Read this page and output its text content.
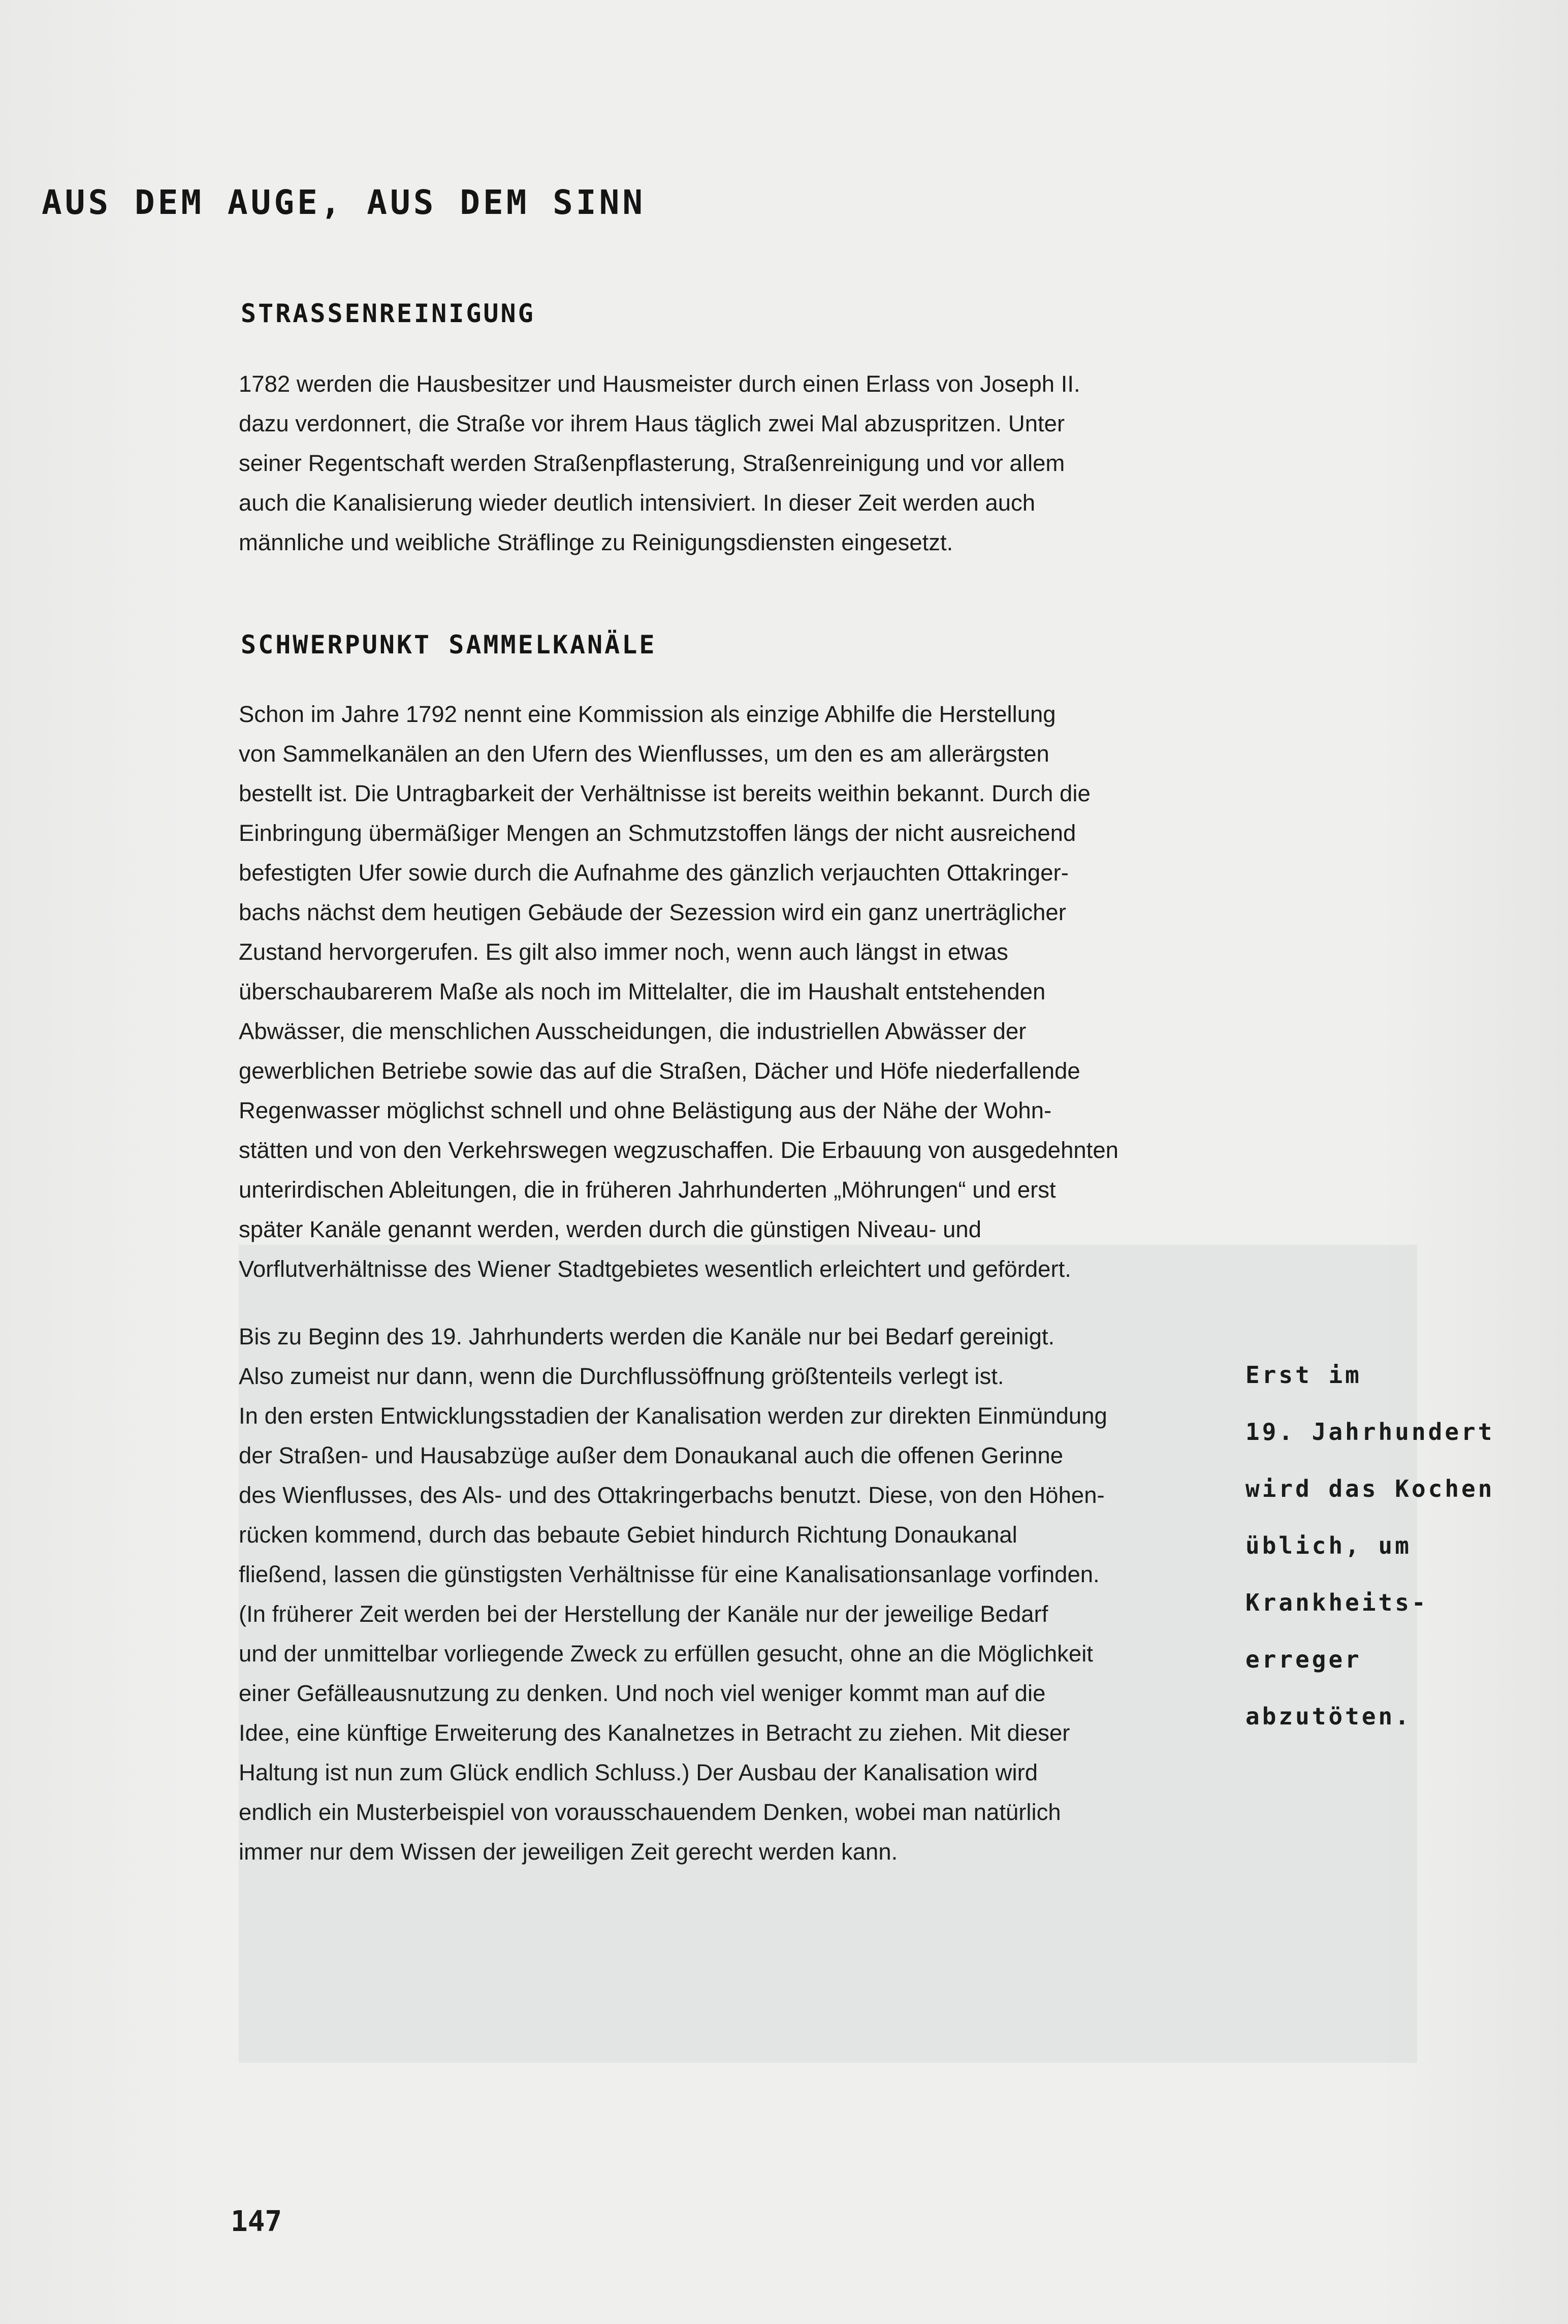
AUS DEM AUGE, AUS DEM SINN
STRASSENREINIGUNG
1782 werden die Hausbesitzer und Hausmeister durch einen Erlass von Joseph II.
dazu verdonnert, die Straße vor ihrem Haus täglich zwei Mal abzuspritzen. Unter
seiner Regentschaft werden Straßenpflasterung, Straßenreinigung und vor allem
auch die Kanalisierung wieder deutlich intensiviert. In dieser Zeit werden auch
männliche und weibliche Sträflinge zu Reinigungsdiensten eingesetzt.
SCHWERPUNKT SAMMELKANÄLE
Schon im Jahre 1792 nennt eine Kommission als einzige Abhilfe die Herstellung
von Sammelkanälen an den Ufern des Wienflusses, um den es am allerärgsten
bestellt ist. Die Untragbarkeit der Verhältnisse ist bereits weithin bekannt. Durch die
Einbringung übermäßiger Mengen an Schmutzstoffen längs der nicht ausreichend
befestigten Ufer sowie durch die Aufnahme des gänzlich verjauchten Ottakringer-
bachs nächst dem heutigen Gebäude der Sezession wird ein ganz unerträglicher
Zustand hervorgerufen. Es gilt also immer noch, wenn auch längst in etwas
überschaubarerem Maße als noch im Mittelalter, die im Haushalt entstehenden
Abwässer, die menschlichen Ausscheidungen, die industriellen Abwässer der
gewerblichen Betriebe sowie das auf die Straßen, Dächer und Höfe niederfallende
Regenwasser möglichst schnell und ohne Belästigung aus der Nähe der Wohn-
stätten und von den Verkehrswegen wegzuschaffen. Die Erbauung von ausgedehnten
unterirdischen Ableitungen, die in früheren Jahrhunderten „Möhrungen“ und erst
später Kanäle genannt werden, werden durch die günstigen Niveau- und
Vorflutverhältnisse des Wiener Stadtgebietes wesentlich erleichtert und gefördert.
Bis zu Beginn des 19. Jahrhunderts werden die Kanäle nur bei Bedarf gereinigt.
Also zumeist nur dann, wenn die Durchflussöffnung größtenteils verlegt ist.
In den ersten Entwicklungsstadien der Kanalisation werden zur direkten Einmündung
der Straßen- und Hausabzüge außer dem Donaukanal auch die offenen Gerinne
des Wienflusses, des Als- und des Ottakringerbachs benutzt. Diese, von den Höhen-
rücken kommend, durch das bebaute Gebiet hindurch Richtung Donaukanal
fließend, lassen die günstigsten Verhältnisse für eine Kanalisationsanlage vorfinden.
(In früherer Zeit werden bei der Herstellung der Kanäle nur der jeweilige Bedarf
und der unmittelbar vorliegende Zweck zu erfüllen gesucht, ohne an die Möglichkeit
einer Gefälleausnutzung zu denken. Und noch viel weniger kommt man auf die
Idee, eine künftige Erweiterung des Kanalnetzes in Betracht zu ziehen. Mit dieser
Haltung ist nun zum Glück endlich Schluss.) Der Ausbau der Kanalisation wird
endlich ein Musterbeispiel von vorausschauendem Denken, wobei man natürlich
immer nur dem Wissen der jeweiligen Zeit gerecht werden kann.
Erst im
19. Jahrhundert
wird das Kochen
üblich, um
Krankheits-
erreger
abzutöten.
147
